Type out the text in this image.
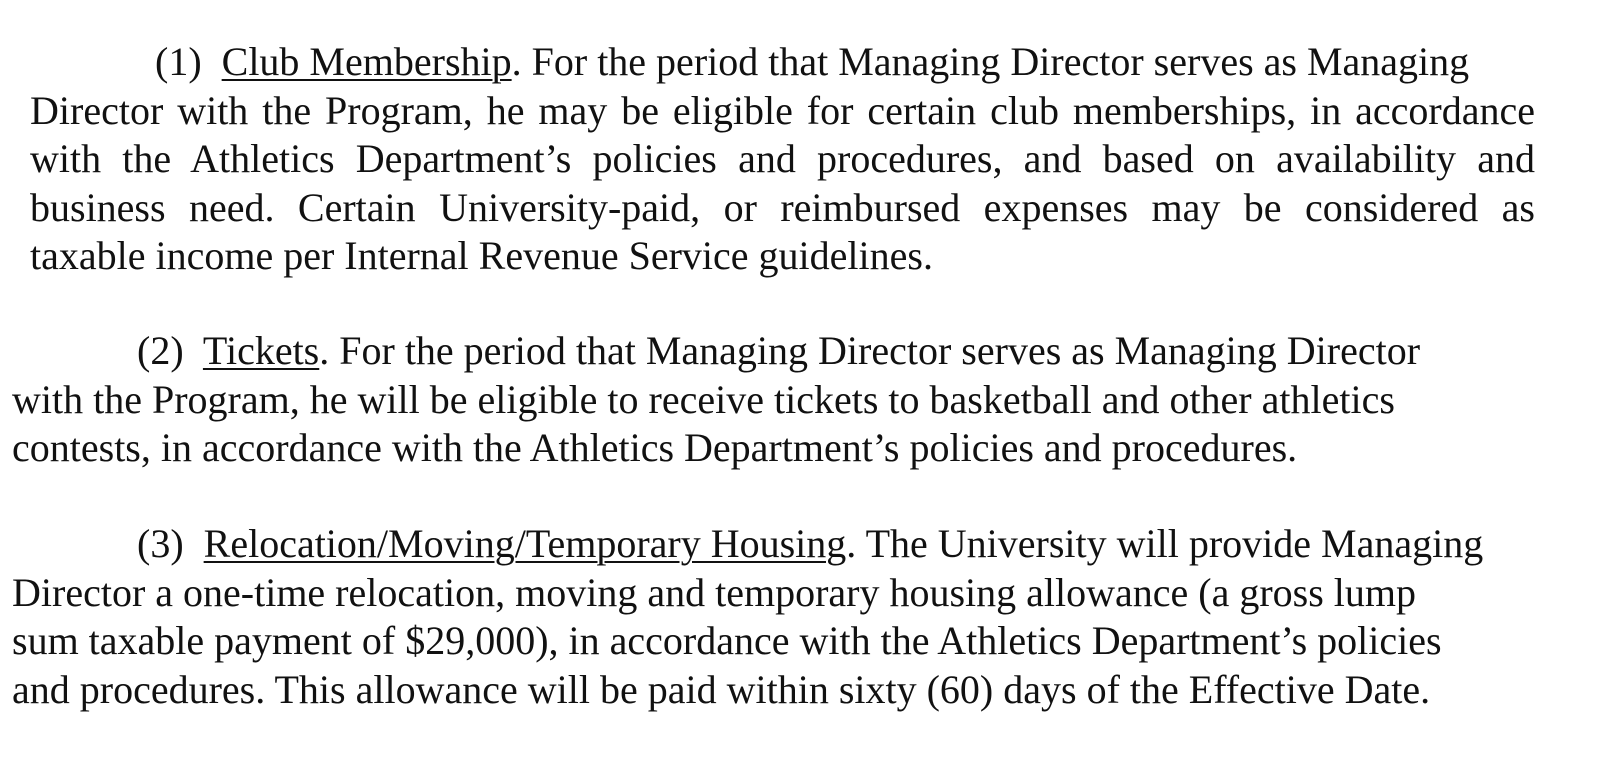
(1) Club Membership. For the period that Managing Director serves as Managing
Director with the Program, he may be eligible for certain club memberships, in accordance
with the Athletics Department’s policies and procedures, and based on availability and
business need. Certain University-paid, or reimbursed expenses may be considered as
taxable income per Internal Revenue Service guidelines.
(2) Tickets. For the period that Managing Director serves as Managing Director
with the Program, he will be eligible to receive tickets to basketball and other athletics
contests, in accordance with the Athletics Department’s policies and procedures.
(3) Relocation/Moving/Temporary Housing. The University will provide Managing
Director a one-time relocation, moving and temporary housing allowance (a gross lump
sum taxable payment of $29,000), in accordance with the Athletics Department’s policies
and procedures. This allowance will be paid within sixty (60) days of the Effective Date.
